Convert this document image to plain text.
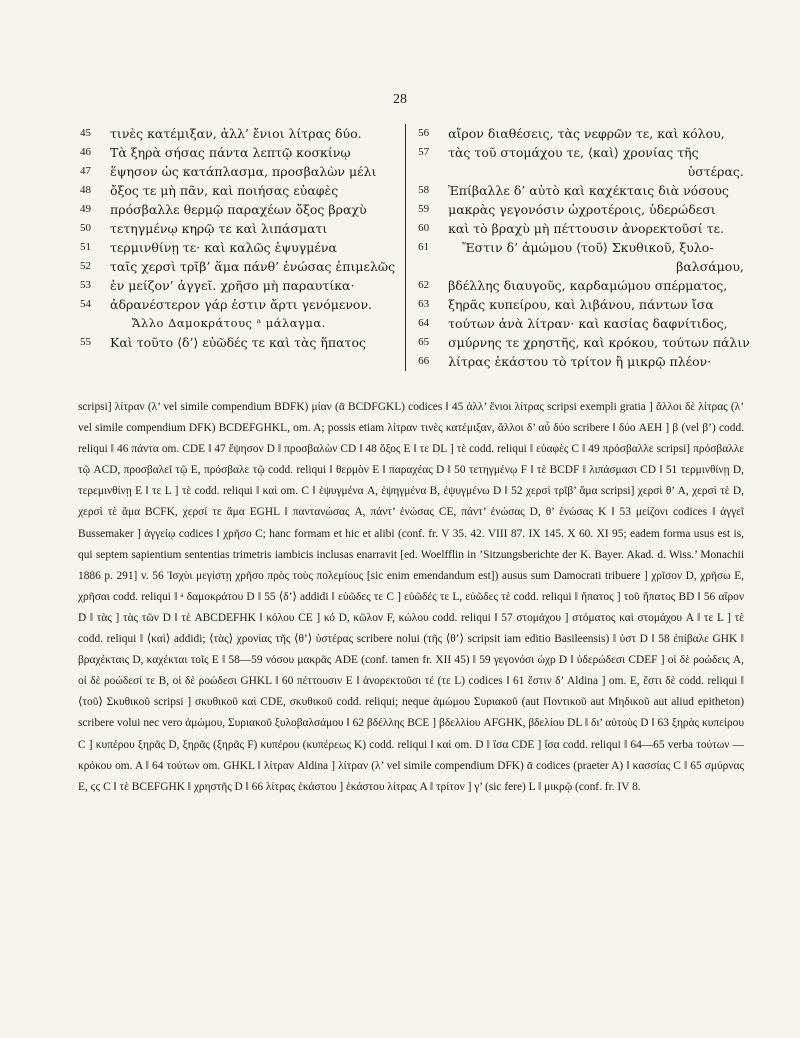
28
45	τινὲς κατέμιξαν, ἀλλ’ ἔνιοι λίτρας δύο.
46	Τὰ ξηρὰ σήσας πάντα λεπτῷ κοσκίνῳ
47	ἕψησον ὡς κατάπλασμα, προσβαλὼν μέλι
48	ὄξος τε μὴ πᾶν, καὶ ποιήσας εὐαφὲς
49	πρόσβαλλε θερμῷ παραχέων ὄξος βραχὺ
50	τετηγμένῳ κηρῷ τε καὶ λιπάσματι
51	τερμινθίνῃ τε· καὶ καλῶς ἑψυγμένα
52	ταῖς χερσὶ τρῖβ’ ἅμα πάνθ’ ἑνώσας ἐπιμελῶς
53	ἐν μείζον’ ἀγγεῖ. χρῆσο μὴ παραυτίκα·
54	ἀδρανέστερον γάρ ἐστιν ἄρτι γενόμενον.
Ἄλλο Δαμοκράτους ᵃ μάλαγμα.
55	Καὶ τοῦτο ⟨δ’⟩ εὐῶδές τε καὶ τὰς ἥπατος
56	αἴρον διαθέσεις, τὰς νεφρῶν τε, καὶ κόλου,
57	τὰς τοῦ στομάχου τε, ⟨καὶ⟩ χρονίας τῆς
ὑστέρας.
58	Ἐπίβαλλε δ’ αὐτὸ καὶ καχέκταις διὰ νόσους
59	μακρὰς γεγονόσιν ὠχροτέροις, ὑδερώδεσι
60	καὶ τὸ βραχὺ μὴ πέττουσιν ἀνορεκτοῦσί τε.
61	Ἔστιν δ’ ἀμώμου ⟨τοῦ⟩ Σκυθικοῦ, ξυλο-
βαλσάμου,
62	βδέλλης διαυγοῦς, καρδαμώμου σπέρματος,
63	ξηρᾶς κυπείρου, καὶ λιβάνου, πάντων ἴσα
64	τούτων ἀνὰ λίτραν· καὶ κασίας δαφνίτιδος,
65	σμύρνης τε χρηστῆς, καὶ κρόκου, τούτων πάλιν
66	λίτρας ἑκάστου τὸ τρίτον ἢ μικρῷ πλέον·
scripsi] λίτραν (λ’ vel simile compendium BDFK) μίαν (ᾱ BCDFGKL) codices ‖ 45 ἀλλ’ ἔνιοι λίτρας scripsi exempli gratia ] ἄλλοι δὲ λίτρας (λ’ vel simile compendium DFK) BCDEFGHKL, om. A; possis etiam λίτραν τινὲς κατέμιξαν, ἄλλοι δ’ αὖ δύο scribere ‖ δύο AEH ] β (vel β’) codd. reliqui ‖ 46 πάντα om. CDE ‖ 47 ἕψησον D ‖ προσβαλὼν CD ‖ 48 ὄξος E ‖ τε DL ] τὲ codd. reliqui ‖ εὐαφὲς C ‖ 49 πρόσβαλλε scripsi] πρόσβαλλε τῷ ACD, προσβαλεῖ τῷ E, πρόσβαλε τῷ codd. reliqui ‖ θερμὸν E ‖ παραχέας D ‖ 50 τετηγμένῳ F ‖ τὲ BCDF ‖ λιπάσμασι CD ‖ 51 τερμινθίνῃ D, τερεμινθίνῃ E ‖ τε L ] τὲ codd. reliqui ‖ καὶ om. C ‖ ἑψυγμένα A, ἑψηγμένα B, ἐψυγμένω D ‖ 52 χερσὶ τρῖβ’ ἅμα scripsi] χερσὶ θ’ A, χερσὶ τὲ D, χερσὶ τὲ ἅμα BCFK, χερσί τε ἅμα EGHL ‖ παντανώσας A, πάντ’ ἑνώσας CE, πάντ’ ἑνώσας D, θ’ ἑνώσας K ‖ 53 μείζονι codices ‖ ἀγγεῖ Bussemaker ] ἀγγείῳ codices ‖ χρῆσο C; hanc formam et hic et alibi (conf. fr. V 35. 42. VIII 87. IX 145. X 60. XI 95; eadem forma usus est is, qui septem sapientium sententias trimetris iambicis inclusas enarravit [ed. Woelfflin in ’Sitzungsberichte der K. Bayer. Akad. d. Wiss.’ Monachii 1886 p. 291] v. 56 Ἰσχὺι μεγίστῃ χρῆσο πρὸς τοὺς πολεμίους [sic enim emendandum est]) ausus sum Damocrati tribuere ] χρῖσον D, χρῆσω E, χρῆσαι codd. reliqui ‖ ᵃ δαμοκράτου D ‖ 55 ⟨δ’⟩ addidi ‖ εὐῶδες τε C ] εὐῶδές τε L, εὐῶδες τὲ codd. reliqui ‖ ἥπατος ] τοῦ ἥπατος BD ‖ 56 αἴρον D ‖ τὰς ] τὰς τῶν D ‖ τὲ ABCDEFHK ‖ κόλου CE ] κό D, κῶλον F, κώλου codd. reliqui ‖ 57 στομάχου ] στόματος καὶ στομάχου A ‖ τε L ] τὲ codd. reliqui ‖ ⟨καὶ⟩ addidi; ⟨τὰς⟩ χρονίας τῆς ⟨θ’⟩ ὑστέρας scribere nolui (τῆς ⟨θ’⟩ scripsit iam editio Basileensis) ‖ ὑστ D ‖ 58 ἐπίβαλε GHK ‖ βραχέκταις D, καχέκται τοῖς E ‖ 58—59 νόσου μακρᾶς ADE (conf. tamen fr. XII 45) ‖ 59 γεγονόσι ὠχρ D ‖ ὑδερώδεσι CDEF ] οἱ δὲ ροώδεις A, οἱ δὲ ροώδεσί τε B, οἱ δὲ ροώδεσι GHKL ‖ 60 πέττουσιν E ‖ ἀνορεκτοῦσι τέ (τε L) codices ‖ 61 ἔστιν δ’ Aldina ] om. E, ἔστι δὲ codd. reliqui ‖ ⟨τοῦ⟩ Σκυθικοῦ scripsi ] σκυθικοῦ καὶ CDE, σκυθικοῦ codd. reliqui; neque ἀμώμου Συριακοῦ (aut Ποντικοῦ aut Μηδικοῦ aut aliud epitheton) scribere volui nec vero ἀμώμου, Συριακοῦ ξυλοβαλσάμου ‖ 62 βδέλλης BCE ] βδελλίου AFGHK, βδελίου DL ‖ δι’ αὐτοὺς D ‖ 63 ξηρὰς κυπείρου C ] κυπέρου ξηρᾶς D, ξηρᾶς (ξηρᾶς F) κυπέρου (κυπέρεως K) codd. reliqui ‖ καὶ om. D ‖ ἴσα CDE ] ἴσα codd. reliqui ‖ 64—65 verba τούτων — κρόκου om. A ‖ 64 τούτων om. GHKL ‖ λίτραν Aldina ] λίτραν (λ’ vel simile compendium DFK) ᾱ codices (praeter A) ‖ κασσίας C ‖ 65 σμύρνας E, ϛϛ C ‖ τὲ BCEFGHK ‖ χρηστῆς D ‖ 66 λίτρας ἑκάστου ] ἑκάστου λίτρας A ‖ τρίτον ] γ’ (sic fere) L ‖ μικρῷ (conf. fr. IV 8.
